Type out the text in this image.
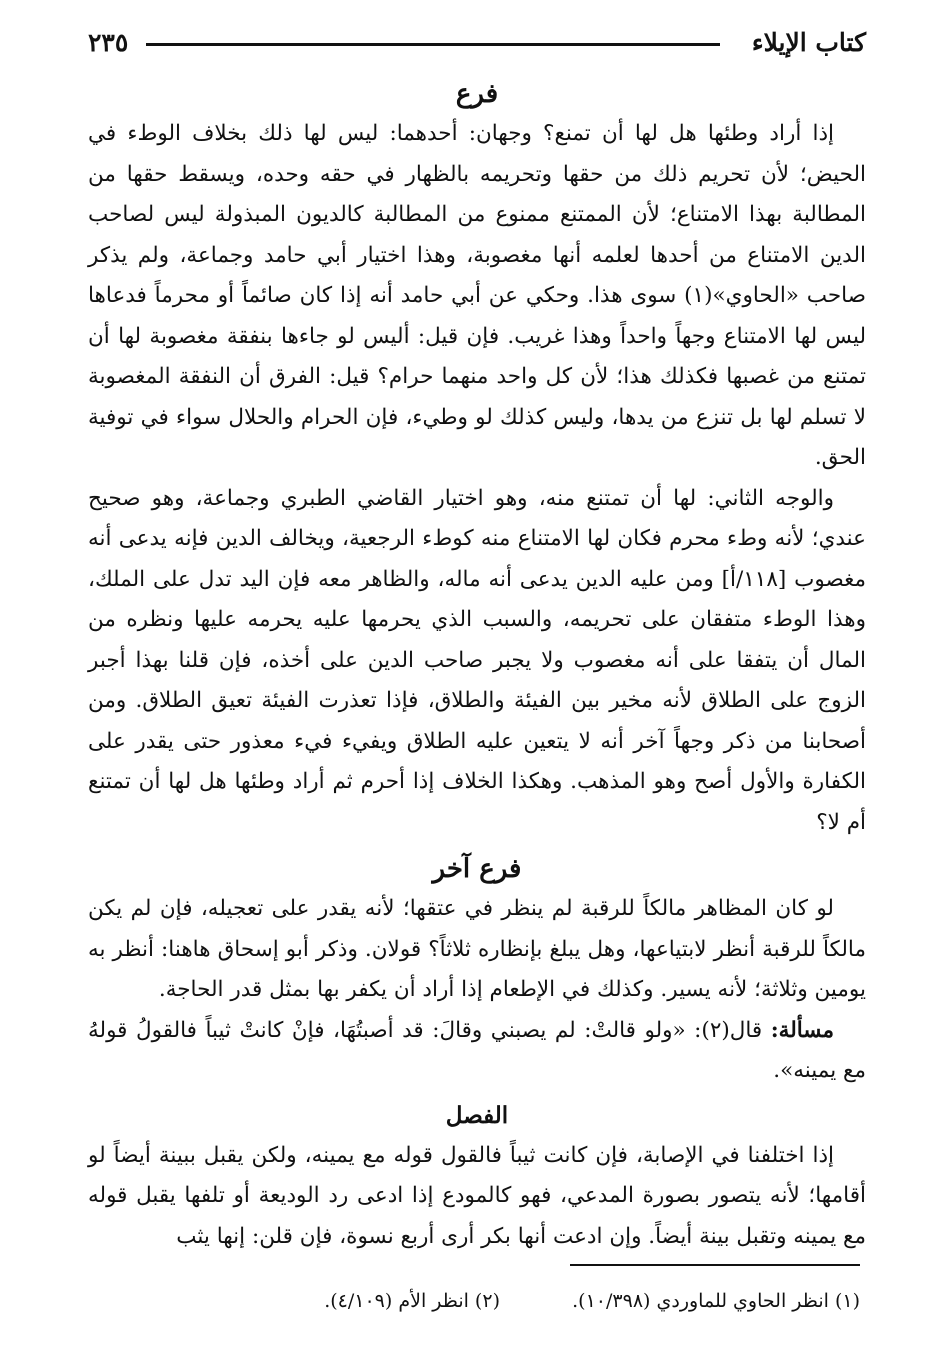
كتاب الإيلاء
٢٣٥
فرع

إذا أراد وطئها هل لها أن تمنع؟ وجهان: أحدهما: ليس لها ذلك بخلاف الوطء في الحيض؛ لأن تحريم ذلك من حقها وتحريمه بالظهار في حقه وحده، ويسقط حقها من المطالبة بهذا الامتناع؛ لأن الممتنع ممنوع من المطالبة كالديون المبذولة ليس لصاحب الدين الامتناع من أحدها لعلمه أنها مغصوبة، وهذا اختيار أبي حامد وجماعة، ولم يذكر صاحب «الحاوي»(١) سوى هذا. وحكي عن أبي حامد أنه إذا كان صائماً أو محرماً فدعاها ليس لها الامتناع وجهاً واحداً وهذا غريب. فإن قيل: أليس لو جاءها بنفقة مغصوبة لها أن تمتنع من غصبها فكذلك هذا؛ لأن كل واحد منهما حرام؟ قيل: الفرق أن النفقة المغصوبة لا تسلم لها بل تنزع من يدها، وليس كذلك لو وطيء، فإن الحرام والحلال سواء في توفية الحق.

والوجه الثاني: لها أن تمتنع منه، وهو اختيار القاضي الطبري وجماعة، وهو صحيح عندي؛ لأنه وطء محرم فكان لها الامتناع منه كوطء الرجعية، ويخالف الدين فإنه يدعى أنه مغصوب [١١٨/أ] ومن عليه الدين يدعى أنه ماله، والظاهر معه فإن اليد تدل على الملك، وهذا الوطء متفقان على تحريمه، والسبب الذي يحرمها عليه يحرمه عليها ونظره من المال أن يتفقا على أنه مغصوب ولا يجبر صاحب الدين على أخذه، فإن قلنا بهذا أجبر الزوج على الطلاق لأنه مخير بين الفيئة والطلاق، فإذا تعذرت الفيئة تعيق الطلاق. ومن أصحابنا من ذكر وجهاً آخر أنه لا يتعين عليه الطلاق ويفيء فيء معذور حتى يقدر على الكفارة والأول أصح وهو المذهب. وهكذا الخلاف إذا أحرم ثم أراد وطئها هل لها أن تمتنع أم لا؟

فرع آخر

لو كان المظاهر مالكاً للرقبة لم ينظر في عتقها؛ لأنه يقدر على تعجيله، فإن لم يكن مالكاً للرقبة أنظر لابتياعها، وهل يبلغ بإنظاره ثلاثاً؟ قولان. وذكر أبو إسحاق هاهنا: أنظر به يومين وثلاثة؛ لأنه يسير. وكذلك في الإطعام إذا أراد أن يكفر بها بمثل قدر الحاجة.

مسألة: قال(٢): «ولو قالتْ: لم يصبني وقالَ: قد أصبتُهَا، فإنْ كانتْ ثيباً فالقولُ قولهُ مع يمينه».

الفصل

إذا اختلفنا في الإصابة، فإن كانت ثيباً فالقول قوله مع يمينه، ولكن يقبل ببينة أيضاً لو أقامها؛ لأنه يتصور بصورة المدعي، فهو كالمودع إذا ادعى رد الوديعة أو تلفها يقبل قوله مع يمينه وتقبل بينة أيضاً. وإن ادعت أنها بكر أرى أربع نسوة، فإن قلن: إنها يثب

(١) انظر الحاوي للماوردي (١٠/٣٩٨).
(٢) انظر الأم (٤/١٠٩).
